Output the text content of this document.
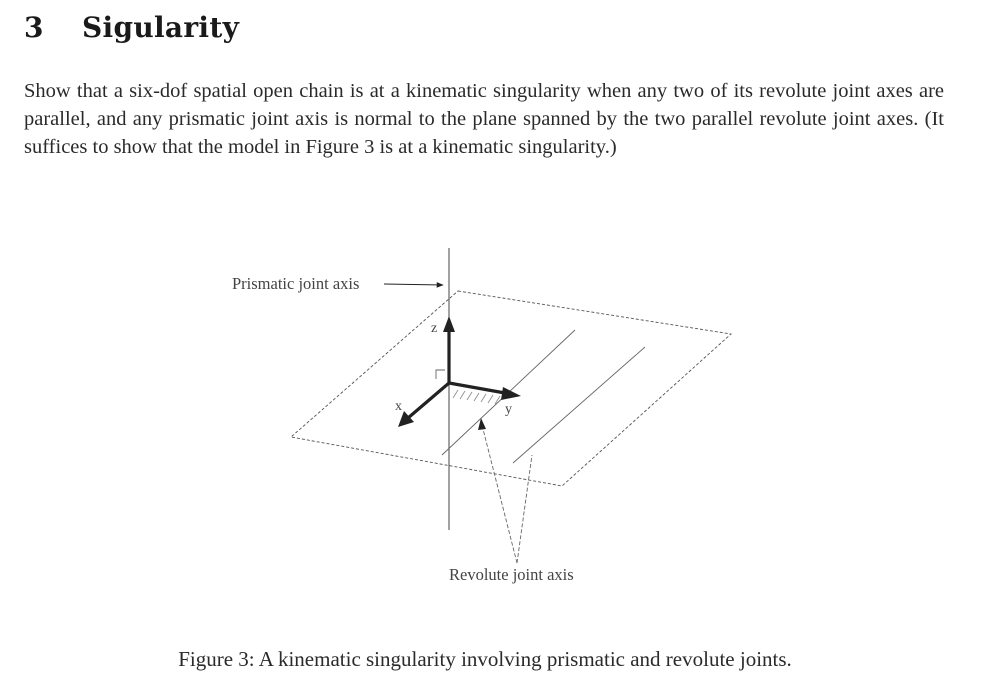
3 Sigularity

Show that a six-dof spatial open chain is at a kinematic singularity when any two of its revolute joint axes are parallel, and any prismatic joint axis is normal to the plane spanned by the two parallel revolute joint axes. (It suffices to show that the model in Figure 3 is at a kinematic singularity.)

Prismatic joint axis
Revolute joint axis
z
x	y
Figure 3: A kinematic singularity involving prismatic and revolute joints.
